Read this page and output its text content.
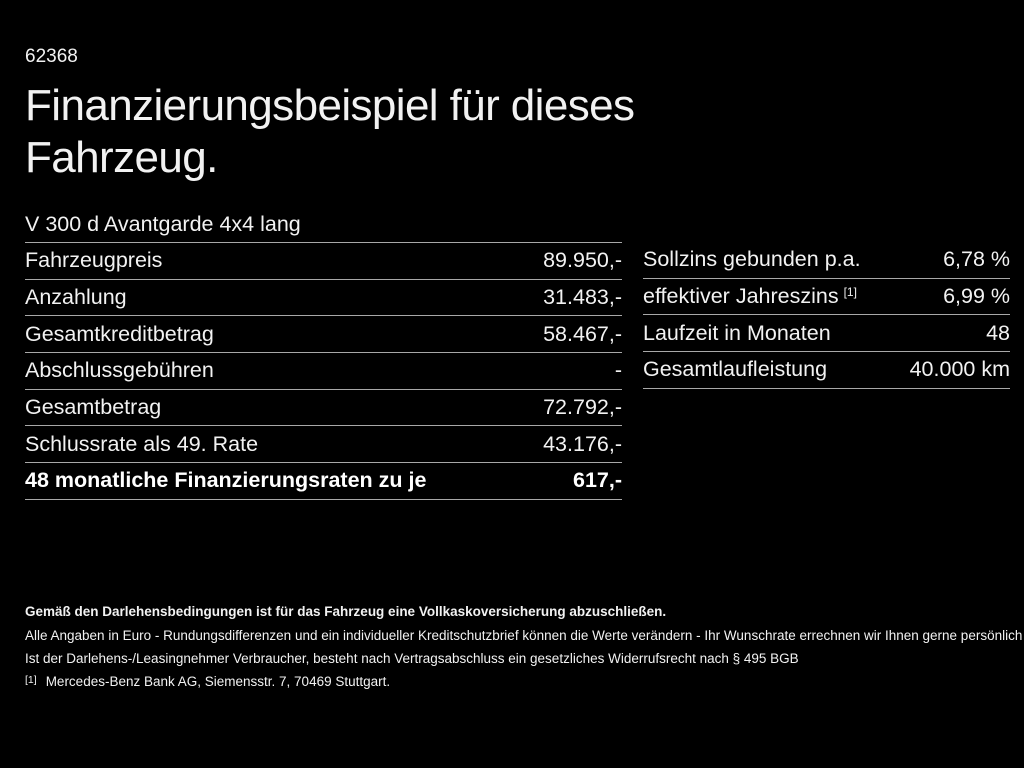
62368
Finanzierungsbeispiel für dieses
Fahrzeug.
V 300 d Avantgarde 4x4 lang
Fahrzeugpreis	89.950,-
Anzahlung	31.483,-
Gesamtkreditbetrag	58.467,-
Abschlussgebühren	-
Gesamtbetrag	72.792,-
Schlussrate als 49. Rate	43.176,-
48 monatliche Finanzierungsraten zu je	617,-
Sollzins gebunden p.a.	6,78 %
effektiver Jahreszins [1]	6,99 %
Laufzeit in Monaten	48
Gesamtlaufleistung	40.000 km
Gemäß den Darlehensbedingungen ist für das Fahrzeug eine Vollkaskoversicherung abzuschließen.
Alle Angaben in Euro - Rundungsdifferenzen und ein individueller Kreditschutzbrief können die Werte verändern - Ihr Wunschrate errechnen wir Ihnen gerne persönlich
Ist der Darlehens-/Leasingnehmer Verbraucher, besteht nach Vertragsabschluss ein gesetzliches Widerrufsrecht nach § 495 BGB
[1] Mercedes-Benz Bank AG, Siemensstr. 7, 70469 Stuttgart.
